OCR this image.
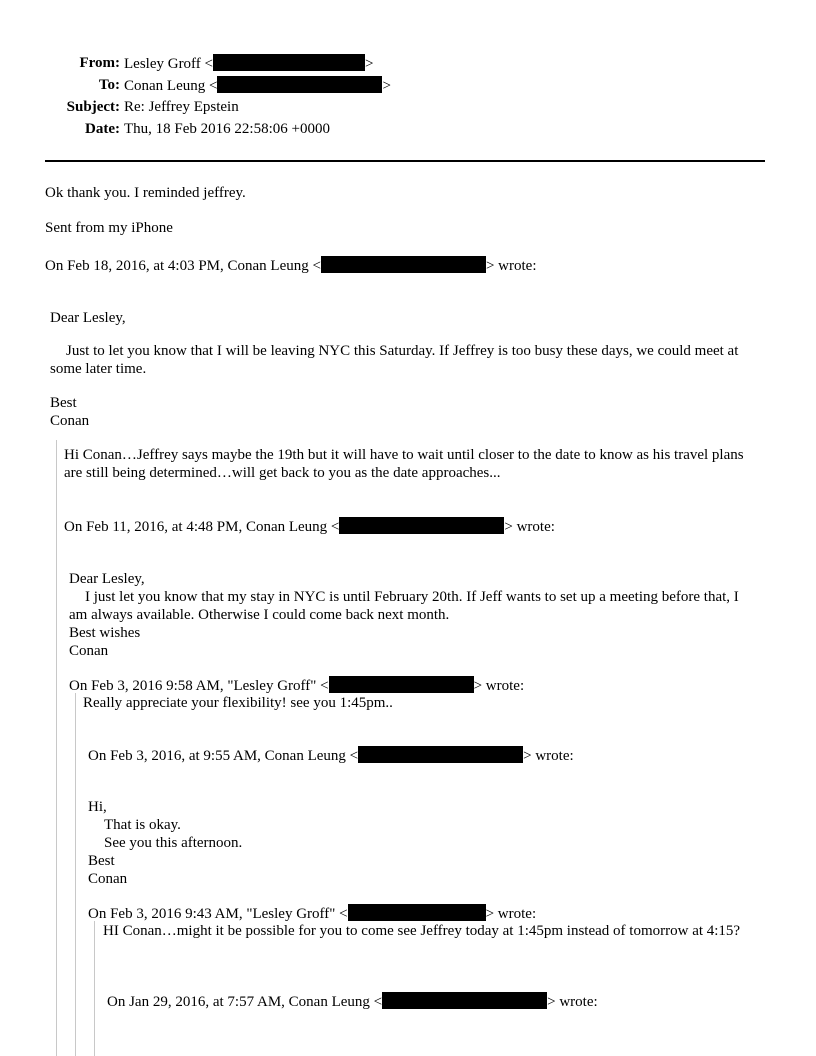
From: Lesley Groff <	>
To: Conan Leung <	>
Subject: Re: Jeffrey Epstein
Date: Thu, 18 Feb 2016 22:58:06 +0000
Ok thank you. I reminded jeffrey.
Sent from my iPhone
On Feb 18, 2016, at 4:03 PM, Conan Leung <	> wrote:
Dear Lesley,
Just to let you know that I will be leaving NYC this Saturday. If Jeffrey is too busy these days, we could meet at some later time.
Best
Conan
Hi Conan…Jeffrey says maybe the 19th but it will have to wait until closer to the date to know as his travel plans are still being determined…will get back to you as the date approaches...
On Feb 11, 2016, at 4:48 PM, Conan Leung <	> wrote:
Dear Lesley,
I just let you know that my stay in NYC is until February 20th. If Jeff wants to set up a meeting before that, I am always available. Otherwise I could come back next month.
Best wishes
Conan
On Feb 3, 2016 9:58 AM, "Lesley Groff" <	> wrote:
Really appreciate your flexibility! see you 1:45pm..
On Feb 3, 2016, at 9:55 AM, Conan Leung <	> wrote:
Hi,
That is okay.
See you this afternoon.
Best
Conan
On Feb 3, 2016 9:43 AM, "Lesley Groff" <	> wrote:
HI Conan…might it be possible for you to come see Jeffrey today at 1:45pm instead of tomorrow at 4:15?
On Jan 29, 2016, at 7:57 AM, Conan Leung <	> wrote:
